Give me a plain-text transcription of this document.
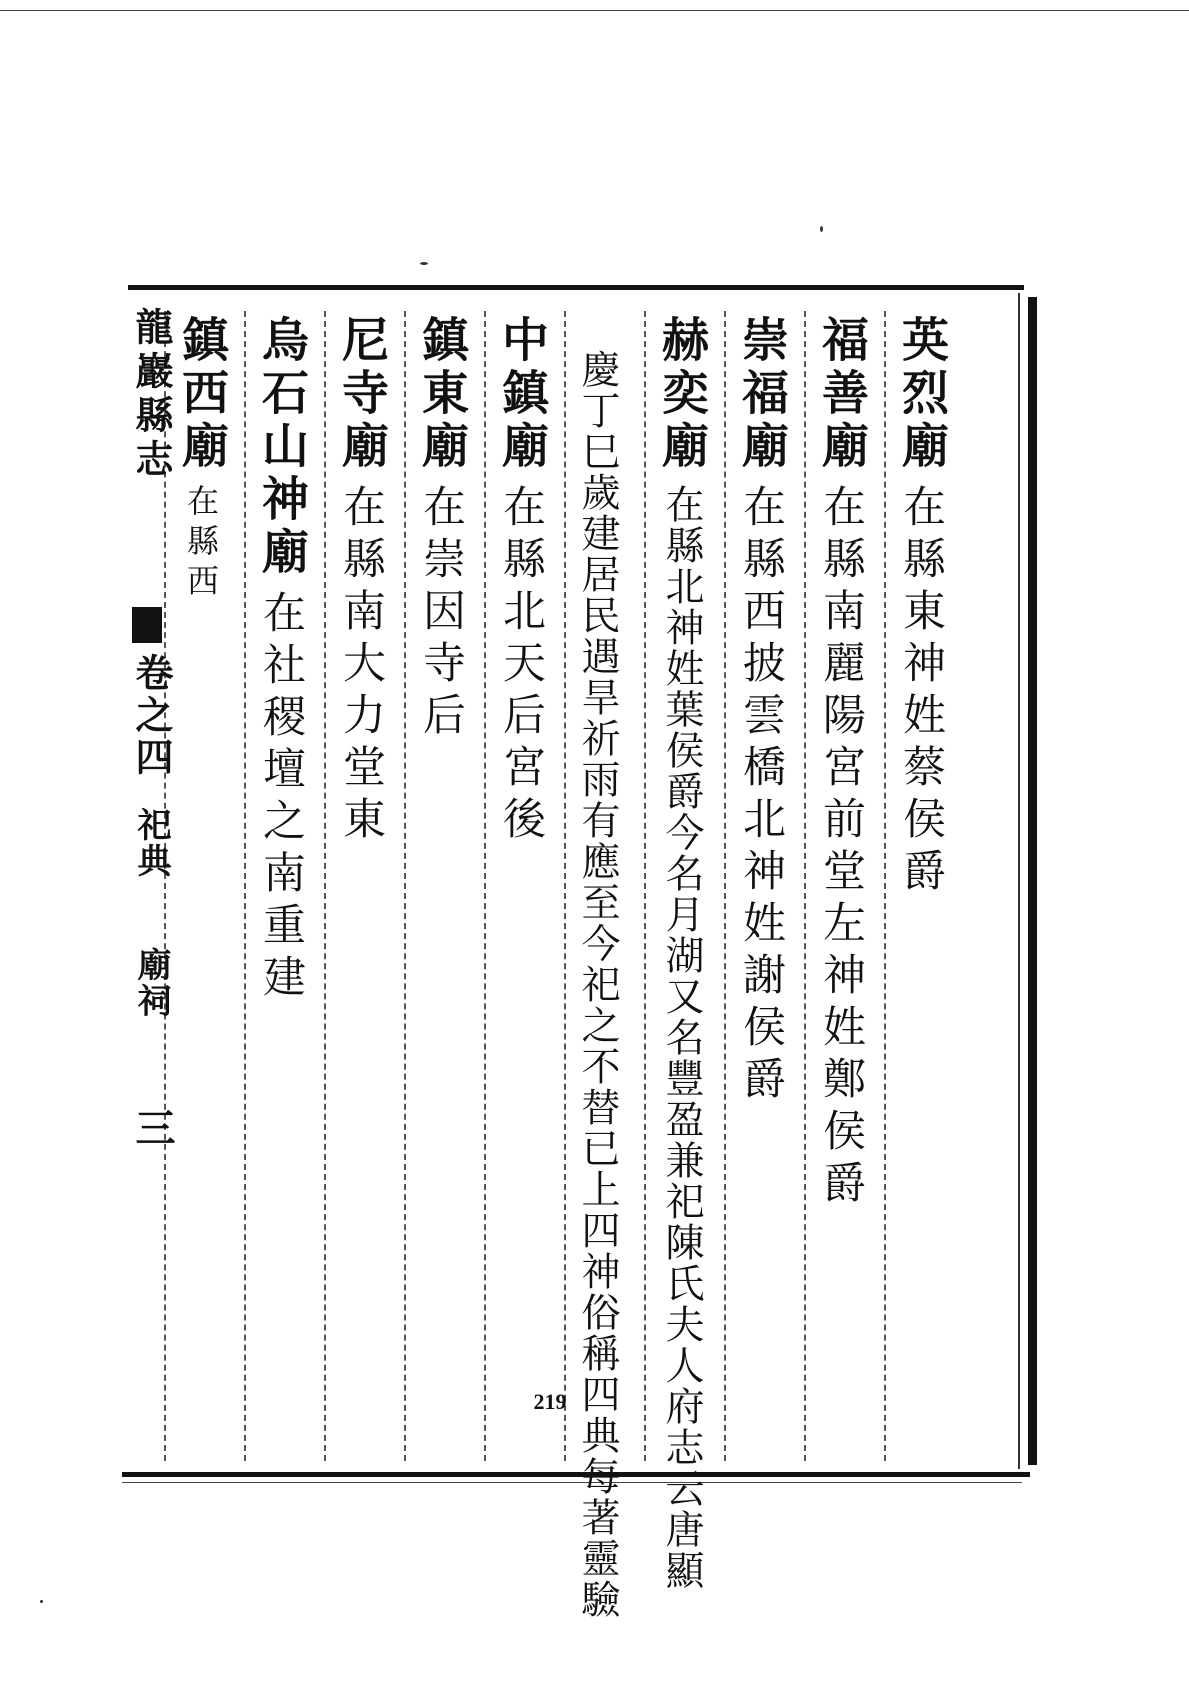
龍巖縣志
卷之四
祀典
廟祠
三
英烈廟在縣東神姓蔡侯爵
福善廟在縣南麗陽宮前堂左神姓鄭侯爵
崇福廟在縣西披雲橋北神姓謝侯爵
赫奕廟在縣北神姓葉侯爵今名月湖又名豐盈兼祀陳氏夫人府志云唐顯
慶丁巳歲建居民遇旱祈雨有應至今祀之不替已上四神俗稱四典每著靈驗
中鎮廟在縣北天后宮後
鎮東廟在崇因寺后
尼寺廟在縣南大力堂東
烏石山神廟在社稷壇之南重建
鎮西廟在縣西
219
